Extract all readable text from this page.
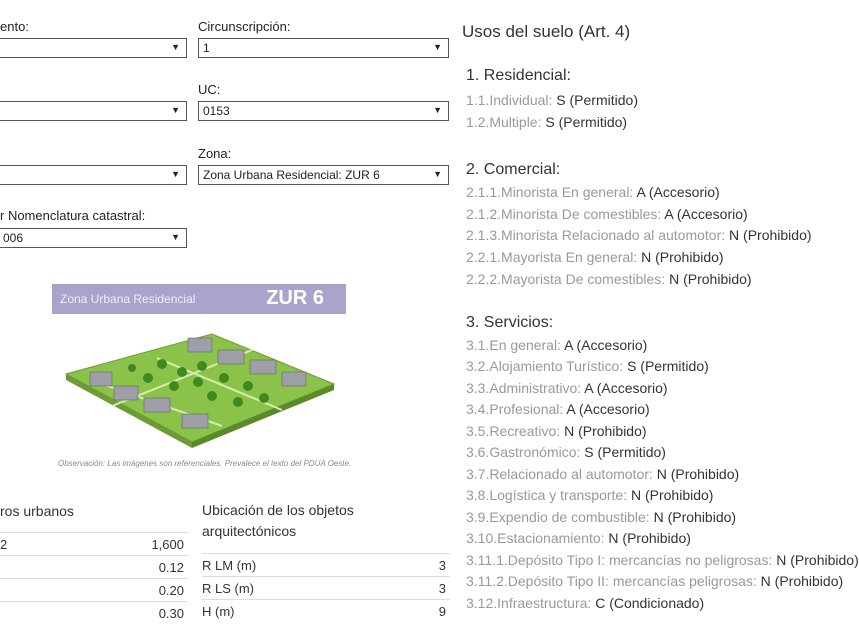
ento:
▼
Circunscripción:
1	▼
▼
UC:
0153	▼
▼
Zona:
Zona Urbana Residencial: ZUR 6	▼
r Nomenclatura catastral:
006	▼
Zona Urbana Residencial	ZUR 6
Observación: Las imágenes son referenciales. Prevalece el texto del PDUA Oeste.
ros urbanos
2	1,600
0.12
0.20
0.30
Ubicación de los objetos
arquitectónicos
R LM (m)	3
R LS (m)	3
H (m)	9
Usos del suelo (Art. 4)
1. Residencial:
1.1.Individual: S (Permitido)
1.2.Multiple: S (Permitido)
2. Comercial:
2.1.1.Minorista En general: A (Accesorio)
2.1.2.Minorista De comestibles: A (Accesorio)
2.1.3.Minorista Relacionado al automotor: N (Prohibido)
2.2.1.Mayorista En general: N (Prohibido)
2.2.2.Mayorista De comestibles: N (Prohibido)
3. Servicios:
3.1.En general: A (Accesorio)
3.2.Alojamiento Turístico: S (Permitido)
3.3.Administrativo: A (Accesorio)
3.4.Profesional: A (Accesorio)
3.5.Recreativo: N (Prohibido)
3.6.Gastronómico: S (Permitido)
3.7.Relacionado al automotor: N (Prohibido)
3.8.Logística y transporte: N (Prohibido)
3.9.Expendio de combustible: N (Prohibido)
3.10.Estacionamiento: N (Prohibido)
3.11.1.Depósito Tipo I: mercancías no peligrosas: N (Prohibido)
3.11.2.Depósito Tipo II: mercancías peligrosas: N (Prohibido)
3.12.Infraestructura: C (Condicionado)
